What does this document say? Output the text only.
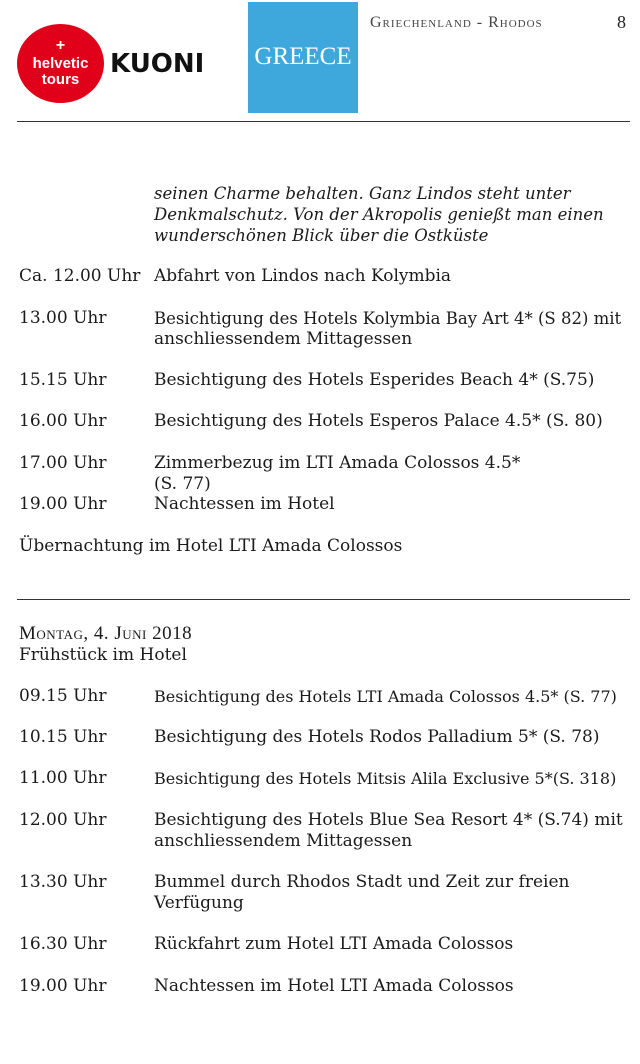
+
helvetic
tours
KUONI GREECE
Griechenland - Rhodos	8
seinen Charme behalten. Ganz Lindos steht unter
Denkmalschutz. Von der Akropolis genießt man einen
wunderschönen Blick über die Ostküste
Ca. 12.00 Uhr Abfahrt von Lindos nach Kolymbia
13.00 Uhr	Besichtigung des Hotels Kolymbia Bay Art 4* (S 82) mit
anschliessendem Mittagessen
15.15 Uhr	Besichtigung des Hotels Esperides Beach 4* (S.75)
16.00 Uhr	Besichtigung des Hotels Esperos Palace 4.5* (S. 80)
17.00 Uhr	Zimmerbezug im LTI Amada Colossos 4.5*
(S. 77)
19.00 Uhr	Nachtessen im Hotel
Übernachtung im Hotel LTI Amada Colossos
Montag, 4. Juni 2018
Frühstück im Hotel
09.15 Uhr	Besichtigung des Hotels LTI Amada Colossos 4.5* (S. 77)
10.15 Uhr	Besichtigung des Hotels Rodos Palladium 5* (S. 78)
11.00 Uhr	Besichtigung des Hotels Mitsis Alila Exclusive 5*(S. 318)
12.00 Uhr	Besichtigung des Hotels Blue Sea Resort 4* (S.74) mit
anschliessendem Mittagessen
13.30 Uhr	Bummel durch Rhodos Stadt und Zeit zur freien
Verfügung
16.30 Uhr	Rückfahrt zum Hotel LTI Amada Colossos
19.00 Uhr	Nachtessen im Hotel LTI Amada Colossos
